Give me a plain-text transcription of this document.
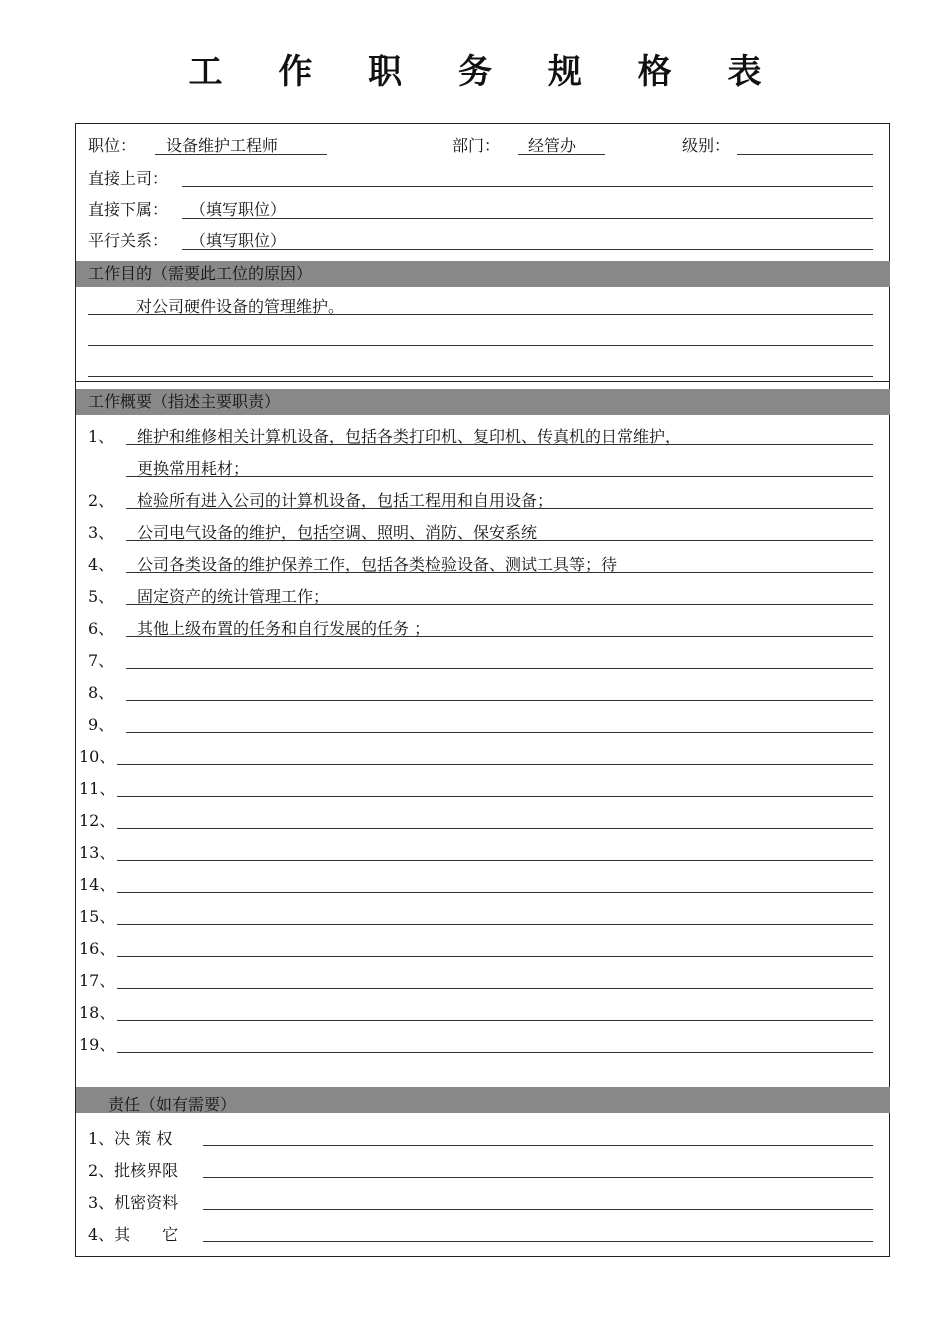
工 作 职 务 规 格 表
职位： 设备维护工程师	部门： 经管办	级别：
直接上司：
直接下属： （填写职位）
平行关系： （填写职位）
工作目的（需要此工位的原因）
对公司硬件设备的管理维护。
工作概要（指述主要职责）
1、 维护和维修相关计算机设备，包括各类打印机、复印机、传真机的日常维护，
更换常用耗材；
2、 检验所有进入公司的计算机设备，包括工程用和自用设备；
3、 公司电气设备的维护，包括空调、照明、消防、保安系统
4、 公司各类设备的维护保养工作，包括各类检验设备、测试工具等；待
5、 固定资产的统计管理工作；
6、 其他上级布置的任务和自行发展的任务 ；
7、
8、
9、
10、
11、
12、
13、
14、
15、
16、
17、
18、
19、
责任（如有需要）
1、决 策 权
2、批核界限
3、机密资料
4、其　　它
